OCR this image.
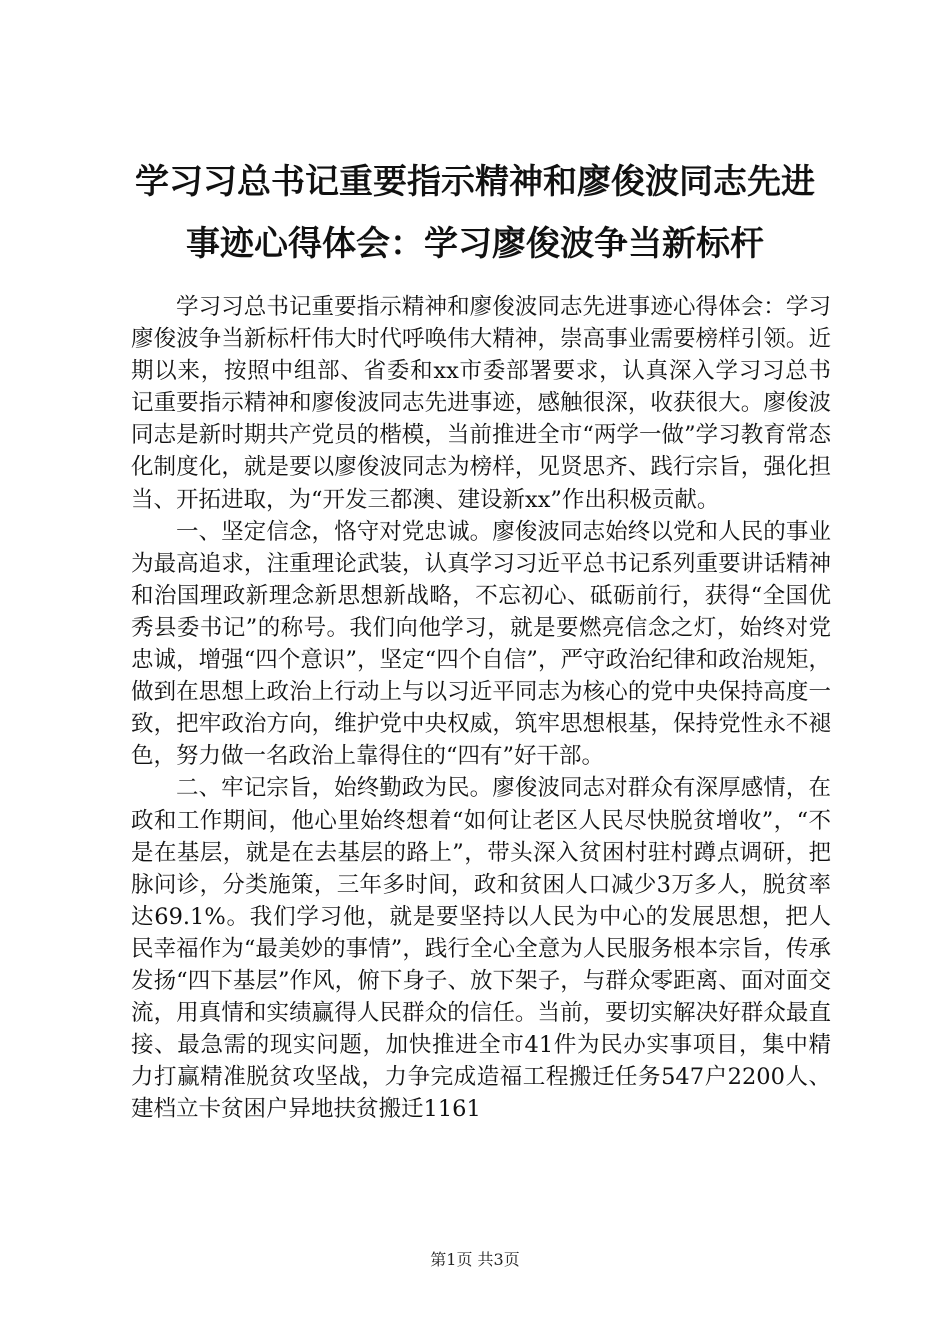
学习习总书记重要指示精神和廖俊波同志先进
事迹心得体会：学习廖俊波争当新标杆

学习习总书记重要指示精神和廖俊波同志先进事迹心得体会：学习廖俊波争当新标杆伟大时代呼唤伟大精神，崇高事业需要榜样引领。近期以来，按照中组部、省委和xx市委部署要求，认真深入学习习总书记重要指示精神和廖俊波同志先进事迹，感触很深，收获很大。廖俊波同志是新时期共产党员的楷模，当前推进全市“两学一做”学习教育常态化制度化，就是要以廖俊波同志为榜样，见贤思齐、践行宗旨，强化担当、开拓进取，为“开发三都澳、建设新xx”作出积极贡献。

一、坚定信念，恪守对党忠诚。廖俊波同志始终以党和人民的事业为最高追求，注重理论武装，认真学习习近平总书记系列重要讲话精神和治国理政新理念新思想新战略，不忘初心、砥砺前行，获得“全国优秀县委书记”的称号。我们向他学习，就是要燃亮信念之灯，始终对党忠诚，增强“四个意识”，坚定“四个自信”，严守政治纪律和政治规矩，做到在思想上政治上行动上与以习近平同志为核心的党中央保持高度一致，把牢政治方向，维护党中央权威，筑牢思想根基，保持党性永不褪色，努力做一名政治上靠得住的“四有”好干部。

二、牢记宗旨，始终勤政为民。廖俊波同志对群众有深厚感情，在政和工作期间，他心里始终想着“如何让老区人民尽快脱贫增收”，“不是在基层，就是在去基层的路上”，带头深入贫困村驻村蹲点调研，把脉问诊，分类施策，三年多时间，政和贫困人口减少3万多人，脱贫率达69.1%。我们学习他，就是要坚持以人民为中心的发展思想，把人民幸福作为“最美妙的事情”，践行全心全意为人民服务根本宗旨，传承发扬“四下基层”作风，俯下身子、放下架子，与群众零距离、面对面交流，用真情和实绩赢得人民群众的信任。当前，要切实解决好群众最直接、最急需的现实问题，加快推进全市41件为民办实事项目，集中精力打赢精准脱贫攻坚战，力争完成造福工程搬迁任务547户2200人、建档立卡贫困户异地扶贫搬迁1161

第1页 共3页
